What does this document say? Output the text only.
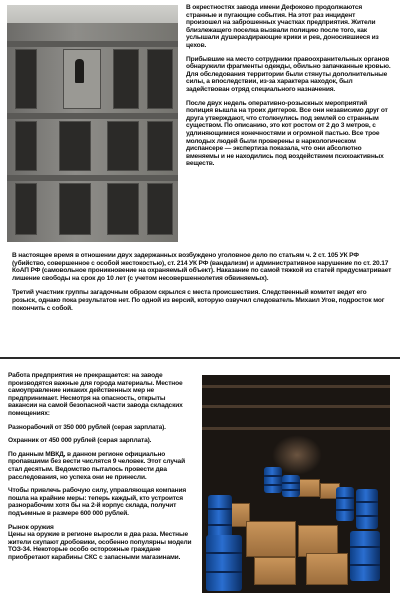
В окрестностях завода имени Дефоково продолжаются странные и пугающие события. На этот раз инцидент произошел на заброшенных участках предприятия. Жители близлежащего поселка вызвали полицию после того, как услышали душераздирающие крики и рев, доносившиеся из цехов.

Прибывшие на место сотрудники правоохранительных органов обнаружили фрагменты одежды, обильно запачканные кровью. Для обследования территории были стянуты дополнительные силы, а впоследствии, из-за характера находок, был задействован отряд специального назначения.

После двух недель оперативно-розыскных мероприятий полиция вышла на троих диггеров. Все они независимо друг от друга утверждают, что столкнулись под землей со странным существом. По описанию, это кот ростом от 2 до 3 метров, с удлиняющимися конечностями и огромной пастью. Все трое молодых людей были проверены в наркологическом диспансере — экспертиза показала, что они абсолютно вменяемы и не находились под воздействием психоактивных веществ.

В настоящее время в отношении двух задержанных возбуждено уголовное дело по статьям ч. 2 ст. 105 УК РФ (убийство, совершенное с особой жестокостью), ст. 214 УК РФ (вандализм) и административное нарушение по ст. 20.17 КоАП РФ (самовольное проникновение на охраняемый объект). Наказание по самой тяжкой из статей предусматривает лишение свободы на срок до 10 лет (с учетом несовершеннолетия обвиняемых).

Третий участник группы загадочным образом скрылся с места происшествия. Следственный комитет ведет его розыск, однако пока результатов нет. По одной из версий, которую озвучил следователь Михаил Угов, подросток мог покончить с собой.

Работа предприятия не прекращается: на заводе производятся важные для города материалы. Местное самоуправление никаких действенных мер не предпринимает. Несмотря на опасность, открыты вакансии на самой безопасной части завода складских помещениях:

Разнорабочий от 350 000 рублей (серая зарплата).

Охранник от 450 000 рублей (серая зарплата).

По данным МВКД, в данном регионе официально пропавшими без вести числятся 9 человек. Этот случай стал десятым. Ведомство пыталось провести два расследования, но успеха они не принесли.

Чтобы привлечь рабочую силу, управляющая компания пошла на крайние меры: теперь каждый, кто устроится разнорабочим хотя бы на 2-й корпус склада, получит подъемные в размере 600 000 рублей.

Рынок оружия
Цены на оружие в регионе выросли в два раза. Местные жители скупают дробовики, особенно популярны модели ТОЗ-34. Некоторые особо осторожные граждане приобретают карабины СКС с запасными магазинами.
